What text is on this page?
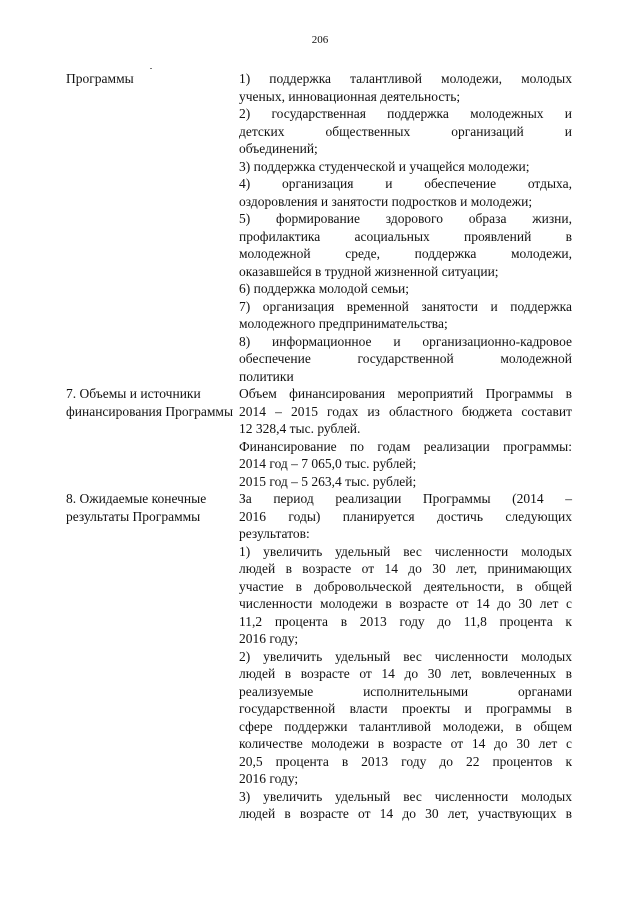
206
Программы	1) поддержка талантливой молодежи, молодых
ученых, инновационная деятельность;
2) государственная поддержка молодежных и
детских общественных организаций и
объединений;
3) поддержка студенческой и учащейся молодежи;
4) организация и обеспечение отдыха,
оздоровления и занятости подростков и молодежи;
5) формирование здорового образа жизни,
профилактика асоциальных проявлений в
молодежной среде, поддержка молодежи,
оказавшейся в трудной жизненной ситуации;
6) поддержка молодой семьи;
7) организация временной занятости и поддержка
молодежного предпринимательства;
8) информационное и организационно-кадровое
обеспечение государственной молодежной
политики
7. Объемы и источники финансирования Программы
Объем финансирования мероприятий Программы в
2014 – 2015 годах из областного бюджета составит
12 328,4 тыс. рублей.
Финансирование по годам реализации программы:
2014 год – 7 065,0 тыс. рублей;
2015 год – 5 263,4 тыс. рублей;
8. Ожидаемые конечные результаты Программы
За период реализации Программы (2014 –
2016 годы) планируется достичь следующих
результатов:
1) увеличить удельный вес численности молодых
людей в возрасте от 14 до 30 лет, принимающих
участие в добровольческой деятельности, в общей
численности молодежи в возрасте от 14 до 30 лет с
11,2 процента в 2013 году до 11,8 процента к
2016 году;
2) увеличить удельный вес численности молодых
людей в возрасте от 14 до 30 лет, вовлеченных в
реализуемые исполнительными органами
государственной власти проекты и программы в
сфере поддержки талантливой молодежи, в общем
количестве молодежи в возрасте от 14 до 30 лет с
20,5 процента в 2013 году до 22 процентов к
2016 году;
3) увеличить удельный вес численности молодых
людей в возрасте от 14 до 30 лет, участвующих в
